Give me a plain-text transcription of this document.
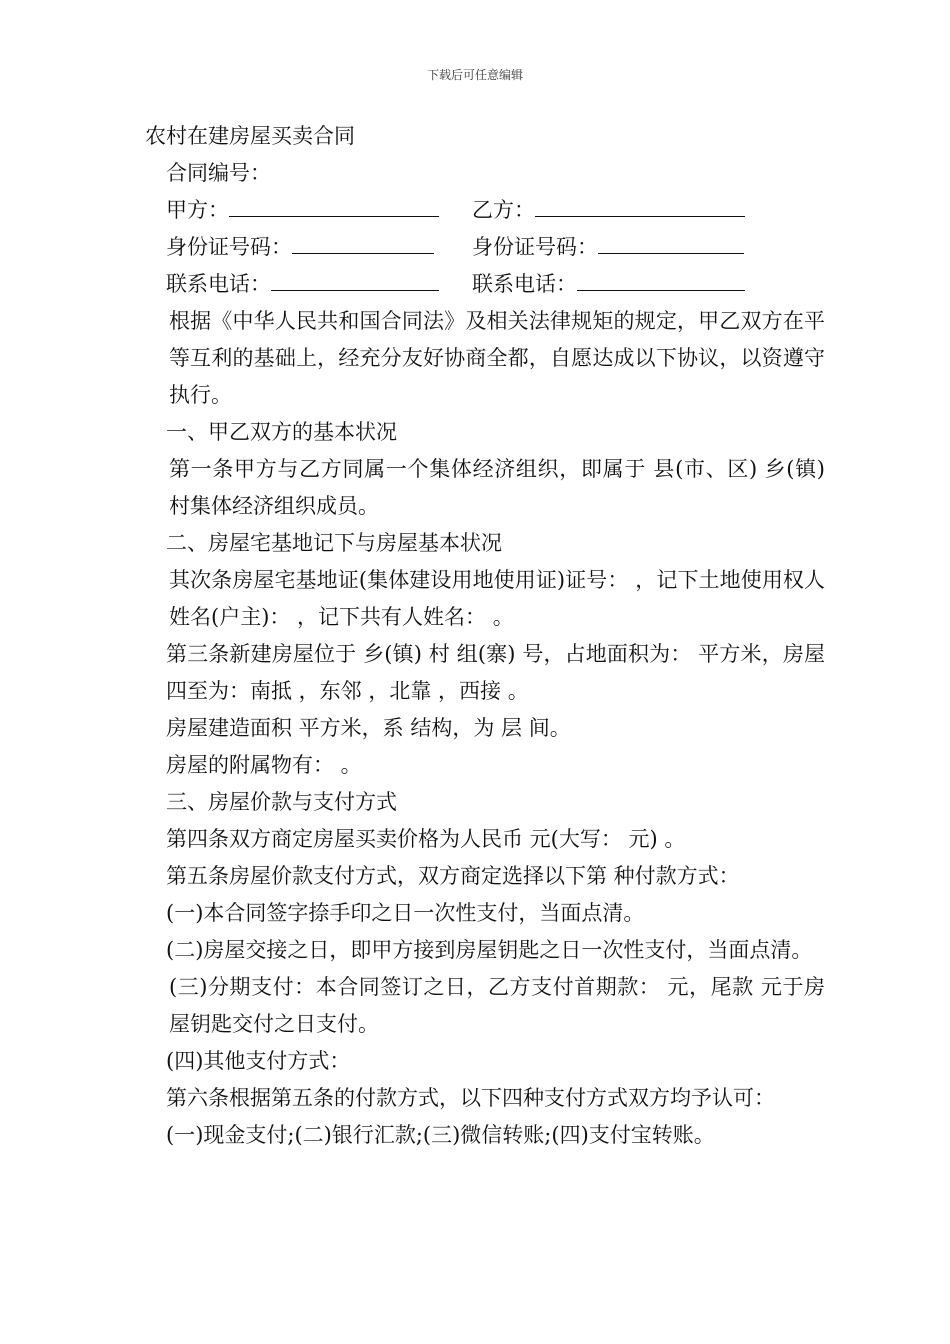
下载后可任意编辑
农村在建房屋买卖合同
合同编号：
甲方：	乙方：
身份证号码：	身份证号码：
联系电话：	联系电话：
根据《中华人民共和国合同法》及相关法律规矩的规定，甲乙双方在平等互利的基础上，经充分友好协商全都，自愿达成以下协议，以资遵守执行。
一、甲乙双方的基本状况
第一条甲方与乙方同属一个集体经济组织，即属于 县(市、区) 乡(镇) 村集体经济组织成员。
二、房屋宅基地记下与房屋基本状况
其次条房屋宅基地证(集体建设用地使用证)证号： ，记下土地使用权人姓名(户主)： ，记下共有人姓名： 。
第三条新建房屋位于 乡(镇) 村 组(寨) 号，占地面积为： 平方米，房屋四至为：南抵 ，东邻 ，北靠 ，西接 。
房屋建造面积 平方米，系 结构，为 层 间。
房屋的附属物有： 。
三、房屋价款与支付方式
第四条双方商定房屋买卖价格为人民币 元(大写： 元) 。
第五条房屋价款支付方式，双方商定选择以下第 种付款方式：
(一)本合同签字捺手印之日一次性支付，当面点清。
(二)房屋交接之日，即甲方接到房屋钥匙之日一次性支付，当面点清。
(三)分期支付：本合同签订之日，乙方支付首期款： 元，尾款 元于房屋钥匙交付之日支付。
(四)其他支付方式：
第六条根据第五条的付款方式，以下四种支付方式双方均予认可：
(一)现金支付;(二)银行汇款;(三)微信转账;(四)支付宝转账。
